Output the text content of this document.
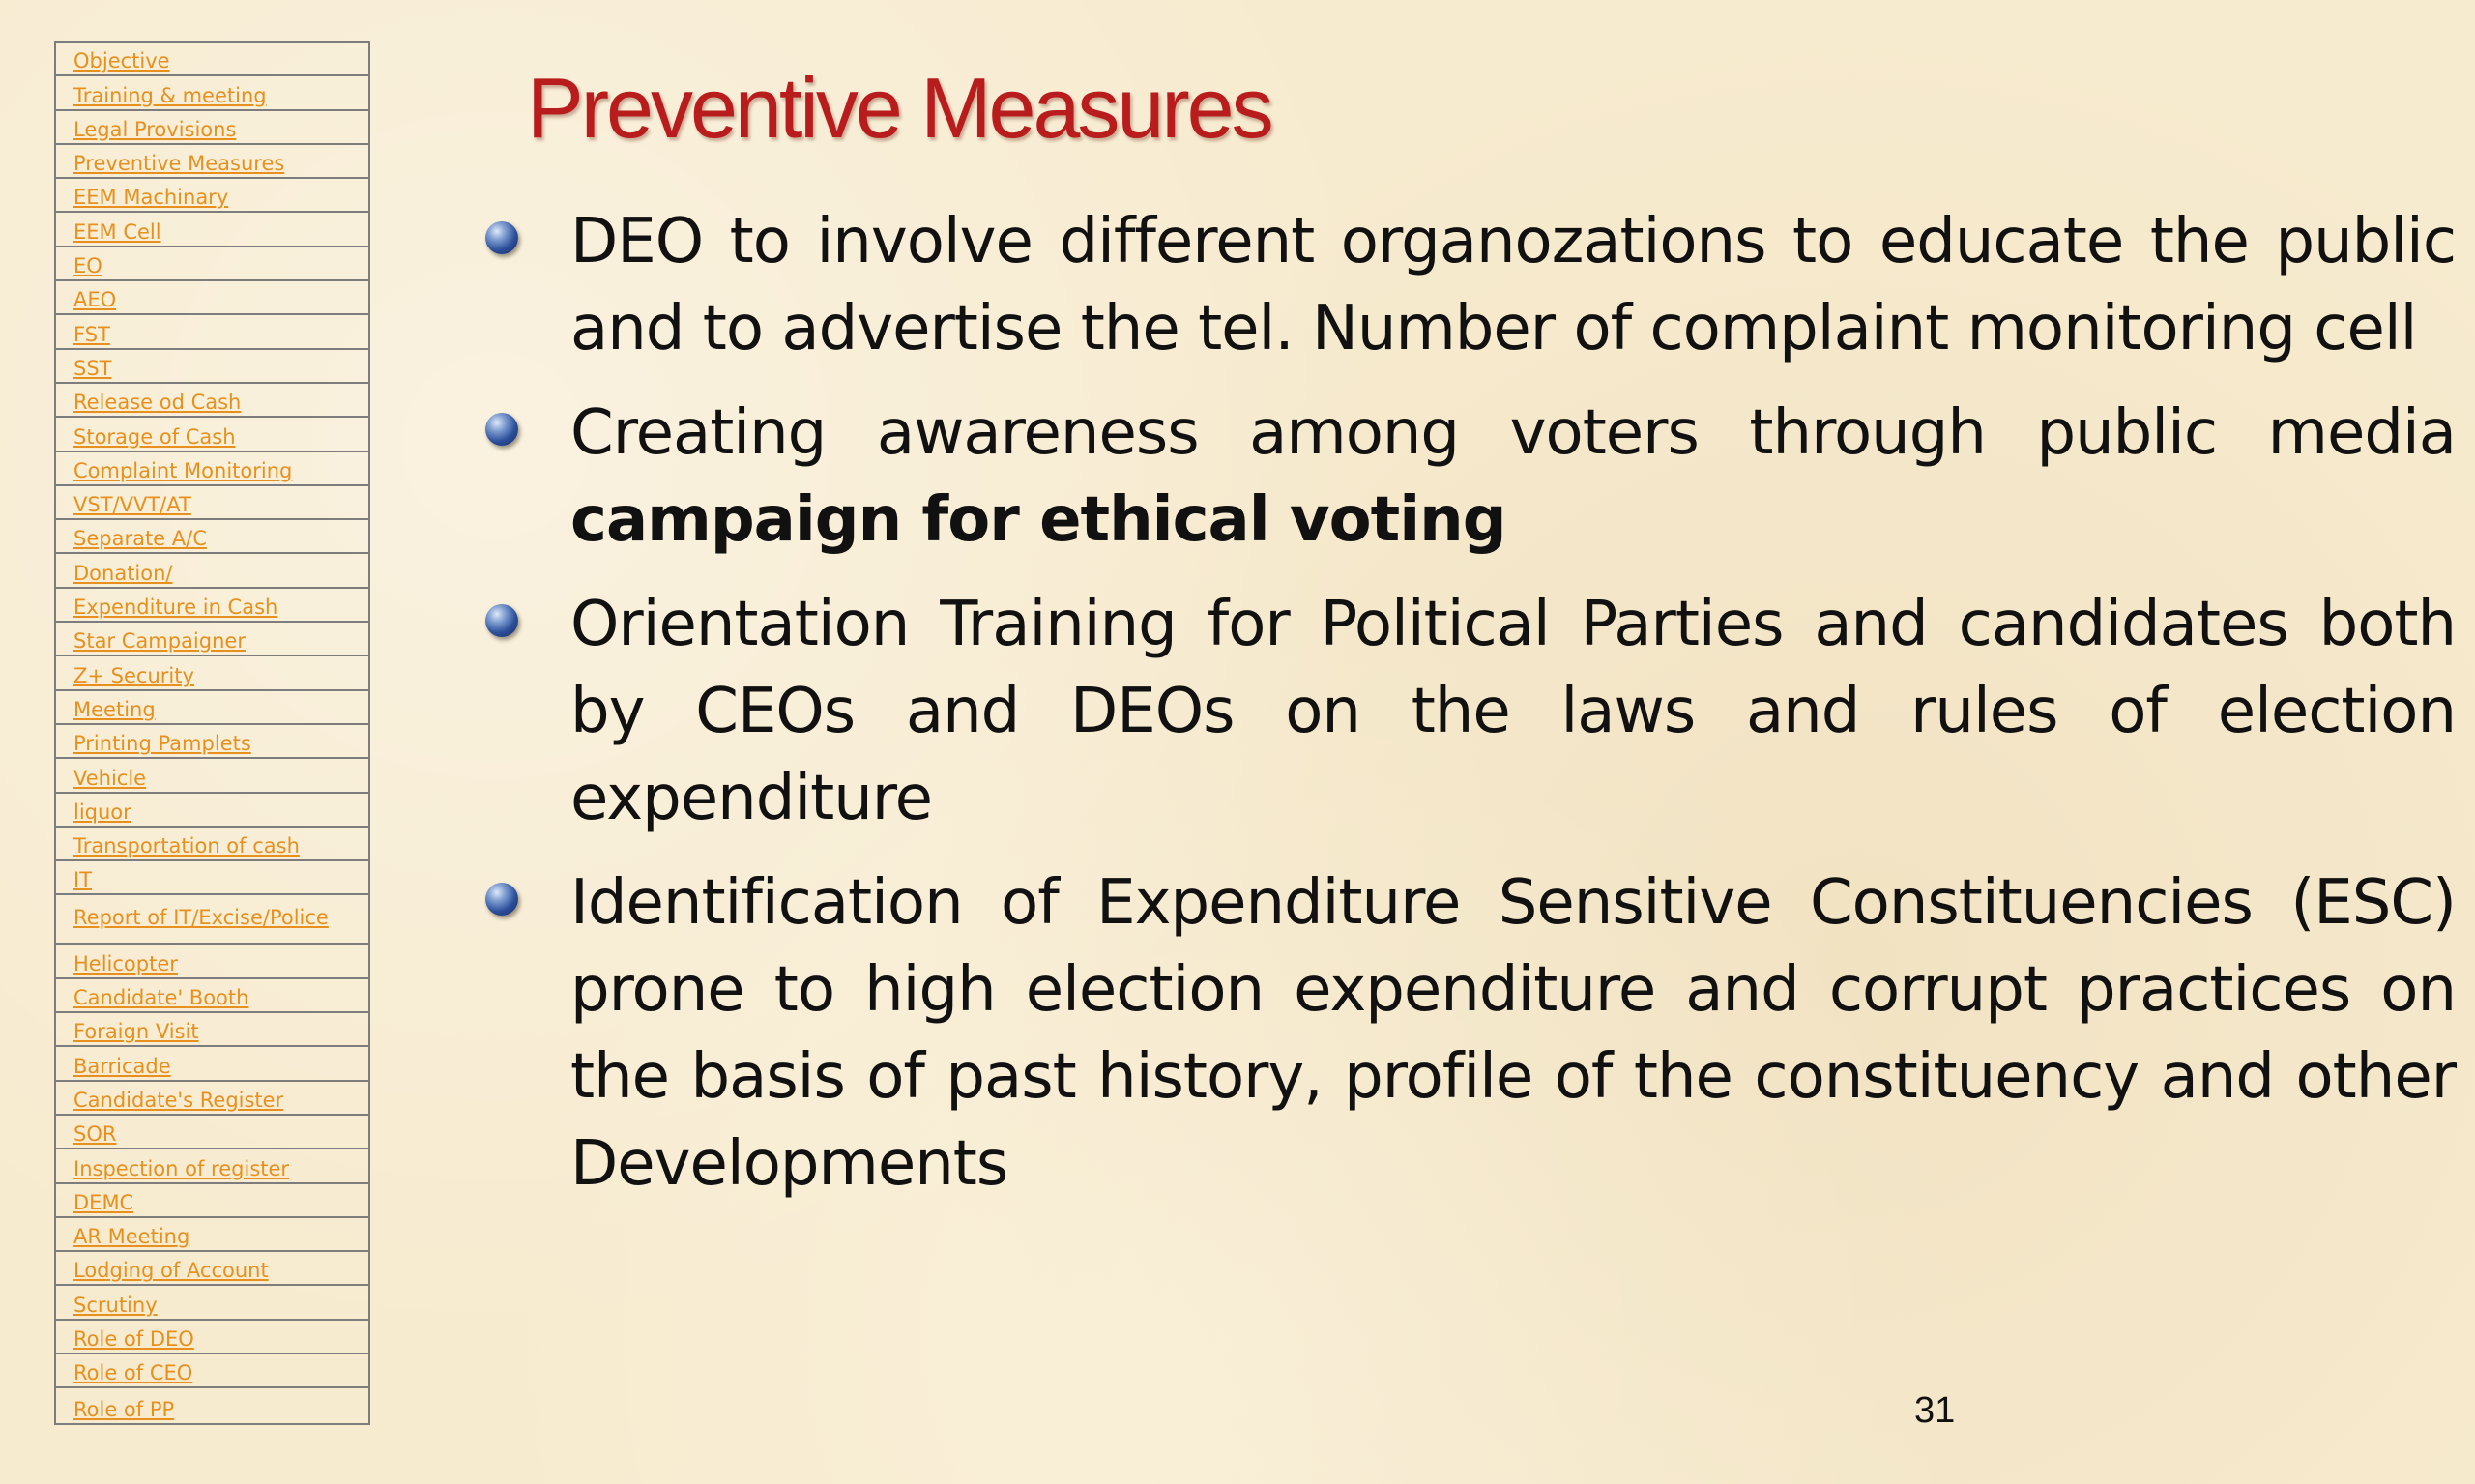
Objective
Training & meeting
Legal Provisions
Preventive Measures
EEM Machinary
EEM Cell
EO
AEO
FST
SST
Release od Cash
Storage of Cash
Complaint Monitoring
VST/VVT/AT
Separate A/C
Donation/
Expenditure in Cash
Star Campaigner
Z+ Security
Meeting
Printing Pamplets
Vehicle
liquor
Transportation of cash
IT
Report of IT/Excise/Police
Helicopter
Candidate' Booth
Foraign Visit
Barricade
Candidate's Register
SOR
Inspection of register
DEMC
AR Meeting
Lodging of Account
Scrutiny
Role of DEO
Role of CEO
Role of PP
Preventive Measures
DEO to involve different organozations to educate the public and to advertise the tel. Number of complaint monitoring cell
Creating awareness among voters through public media campaign for ethical voting
Orientation Training for Political Parties and candidates both by CEOs and DEOs on the laws and rules of election expenditure
Identification of Expenditure Sensitive Constituencies (ESC) prone to high election expenditure and corrupt practices on the basis of past history, profile of the constituency and other Developments
31
